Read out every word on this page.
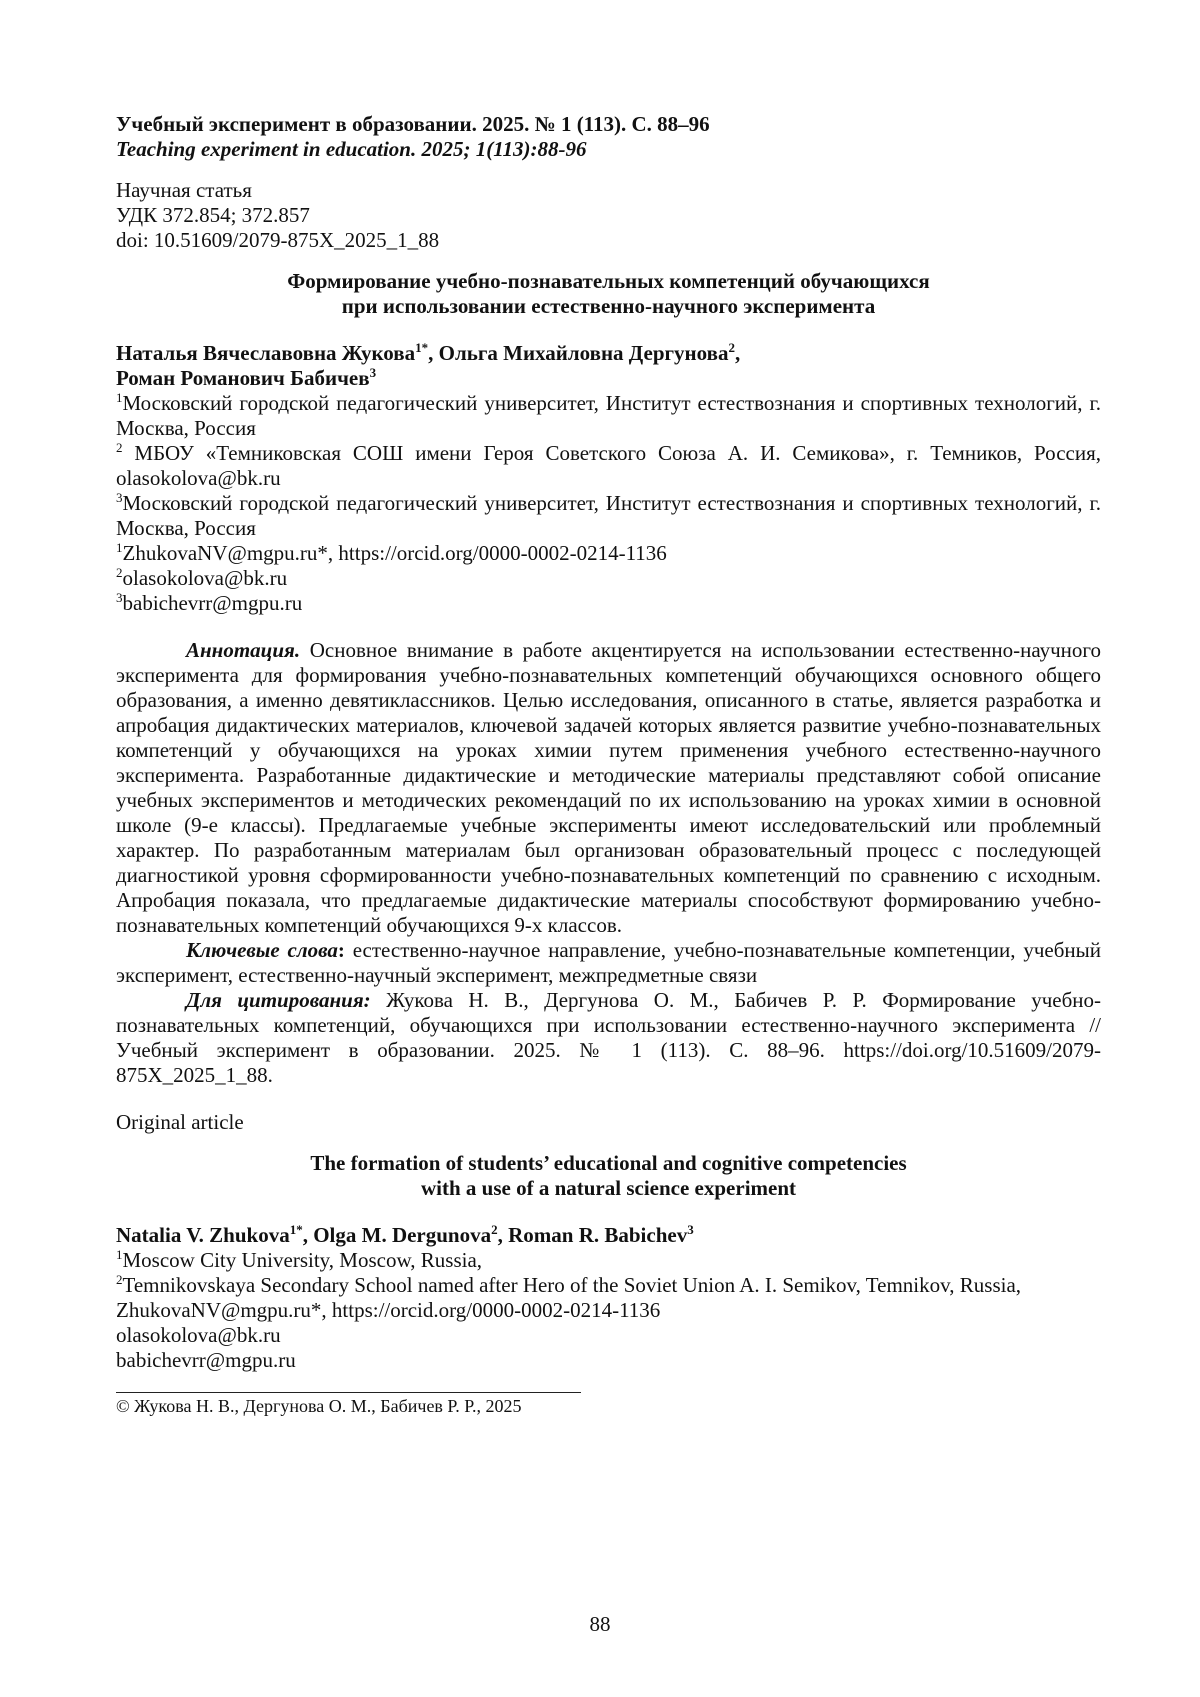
Учебный эксперимент в образовании. 2025. № 1 (113). С. 88–96

Teaching experiment in education. 2025; 1(113):88-96

Научная статья

УДК 372.854; 372.857

doi: 10.51609/2079-875X_2025_1_88

Формирование учебно-познавательных компетенций обучающихся

при использовании естественно-научного эксперимента

Наталья Вячеславовна Жукова$^{1*}$, Ольга Михайловна Дергунова$^2$,
Роман Романович Бабичев$^3$

$^1$Московский городской педагогический университет, Институт естествознания и спортивных технологий, г. Москва, Россия

$^2$ МБОУ «Темниковская СОШ имени Героя Советского Союза А. И. Семикова», г. Темников, Россия, olasokolova@bk.ru

$^3$Московский городской педагогический университет, Институт естествознания и спортивных технологий, г. Москва, Россия

$^1$ZhukovaNV@mgpu.ru*, https://orcid.org/0000-0002-0214-1136

$^2$olasokolova@bk.ru

$^3$babichevrr@mgpu.ru

Аннотация. Основное внимание в работе акцентируется на использовании естественно-научного эксперимента для формирования учебно-познавательных компетенций обучающихся основного общего образования, а именно девятиклассников. Целью исследования, описанного в статье, является разработка и апробация дидактических материалов, ключевой задачей которых является развитие учебно-познавательных компетенций у обучающихся на уроках химии путем применения учебного естественно-научного эксперимента. Разработанные дидактические и методические материалы представляют собой описание учебных экспериментов и методических рекомендаций по их использованию на уроках химии в основной школе (9-е классы). Предлагаемые учебные эксперименты имеют исследовательский или проблемный характер. По разработанным материалам был организован образовательный процесс с последующей диагностикой уровня сформированности учебно-познавательных компетенций по сравнению с исходным. Апробация показала, что предлагаемые дидактические материалы способствуют формированию учебно-познавательных компетенций обучающихся 9-х классов.

Ключевые слова: естественно-научное направление, учебно-познавательные компетенции, учебный эксперимент, естественно-научный эксперимент, межпредметные связи

Для цитирования: Жукова Н. В., Дергунова О. М., Бабичев Р. Р. Формирование учебно-познавательных компетенций, обучающихся при использовании естественно-научного эксперимента // Учебный эксперимент в образовании. 2025. № 1 (113). С. 88–96. https://doi.org/10.51609/2079-875X_2025_1_88.

Original article

The formation of students’ educational and cognitive competencies

with a use of a natural science experiment

Natalia V. Zhukova$^{1*}$, Olga M. Dergunova$^2$, Roman R. Babichev$^3$

$^1$Moscow City University, Moscow, Russia,

$^2$Temnikovskaya Secondary School named after Hero of the Soviet Union A. I. Semikov, Temnikov, Russia,

ZhukovaNV@mgpu.ru*, https://orcid.org/0000-0002-0214-1136

olasokolova@bk.ru

babichevrr@mgpu.ru

© Жукова Н. В., Дергунова О. М., Бабичев Р. Р., 2025

88
